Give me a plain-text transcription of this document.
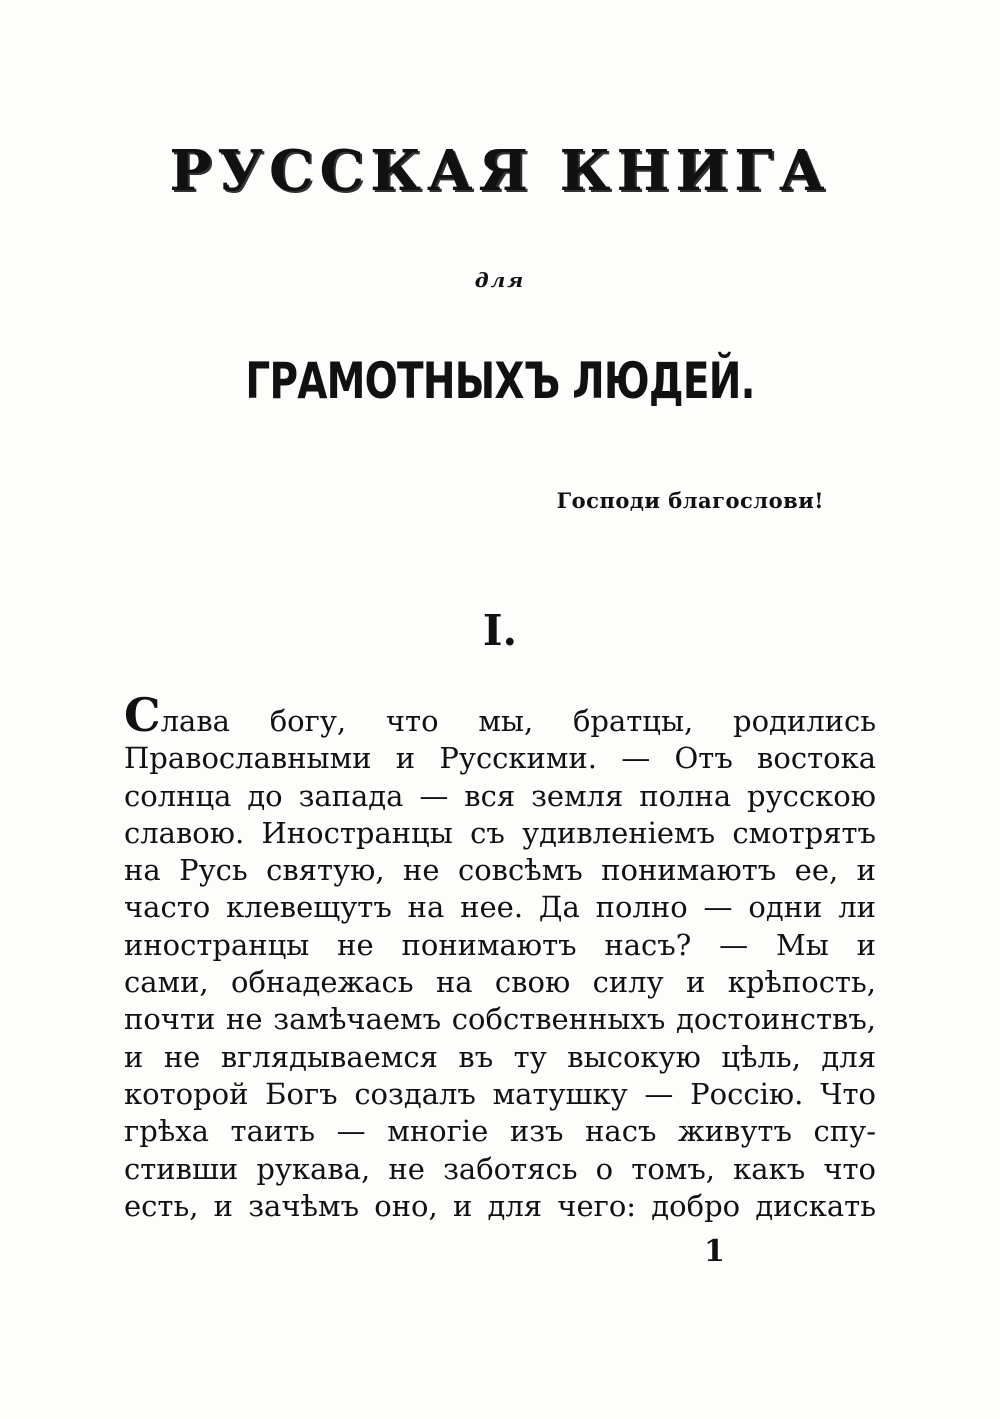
РУССКАЯ КНИГА
для
ГРАМОТНЫХЪ ЛЮДЕЙ.
Господи благослови!
I.
Слава богу, что мы, братцы, родились
Православными и Русскими. — Отъ востока
солнца до запада — вся земля полна русскою
славою. Иностранцы съ удивленіемъ смотрятъ
на Русь святую, не совсѣмъ понимаютъ ее, и
часто клевещутъ на нее. Да полно — одни ли
иностранцы не понимаютъ насъ? — Мы и
сами, обнадежась на свою силу и крѣпость,
почти не замѣчаемъ собственныхъ достоинствъ,
и не вглядываемся въ ту высокую цѣль, для
которой Богъ создалъ матушку — Россію. Что
грѣха таить — многіе изъ насъ живутъ спу-
стивши рукава, не заботясь о томъ, какъ что
есть, и зачѣмъ оно, и для чего: добро дискать
1
